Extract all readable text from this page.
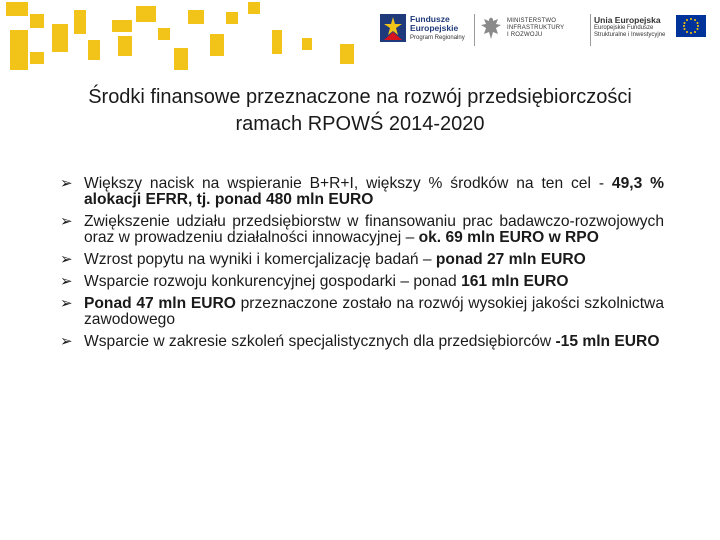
Fundusze
Europejskie
Program Regionalny
MINISTERSTWO
INFRASTRUKTURY
I ROZWOJU
Unia Europejska
Europejskie Fundusze
Strukturalne i Inwestycyjne
Środki finansowe przeznaczone na rozwój przedsiębiorczości
ramach RPOWŚ 2014-2020
➢ Większy nacisk na wspieranie B+R+I, większy % środków na ten cel - 49,3 % alokacji EFRR, tj. ponad 480 mln EURO
➢ Zwiększenie udziału przedsiębiorstw w finansowaniu prac badawczo-rozwojowych oraz w prowadzeniu działalności innowacyjnej – ok. 69 mln EURO w RPO
➢ Wzrost popytu na wyniki i komercjalizację badań – ponad 27 mln EURO
➢ Wsparcie rozwoju konkurencyjnej gospodarki – ponad 161 mln EURO
➢ Ponad 47 mln EURO przeznaczone zostało na rozwój wysokiej jakości szkolnictwa zawodowego
➢ Wsparcie w zakresie szkoleń specjalistycznych dla przedsiębiorców -15 mln EURO
